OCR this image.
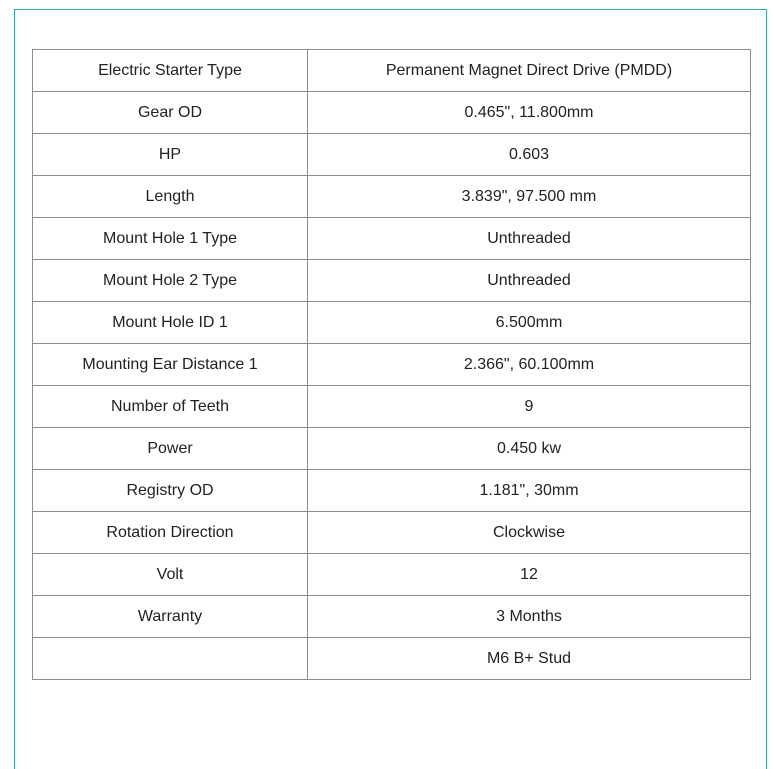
Electric Starter Type	Permanent Magnet Direct Drive (PMDD)
Gear OD	0.465", 11.800mm
HP	0.603
Length	3.839", 97.500 mm
Mount Hole 1 Type	Unthreaded
Mount Hole 2 Type	Unthreaded
Mount Hole ID 1	6.500mm
Mounting Ear Distance 1	2.366", 60.100mm
Number of Teeth	9
Power	0.450 kw
Registry OD	1.181", 30mm
Rotation Direction	Clockwise
Volt	12
Warranty	3 Months
	M6 B+ Stud
